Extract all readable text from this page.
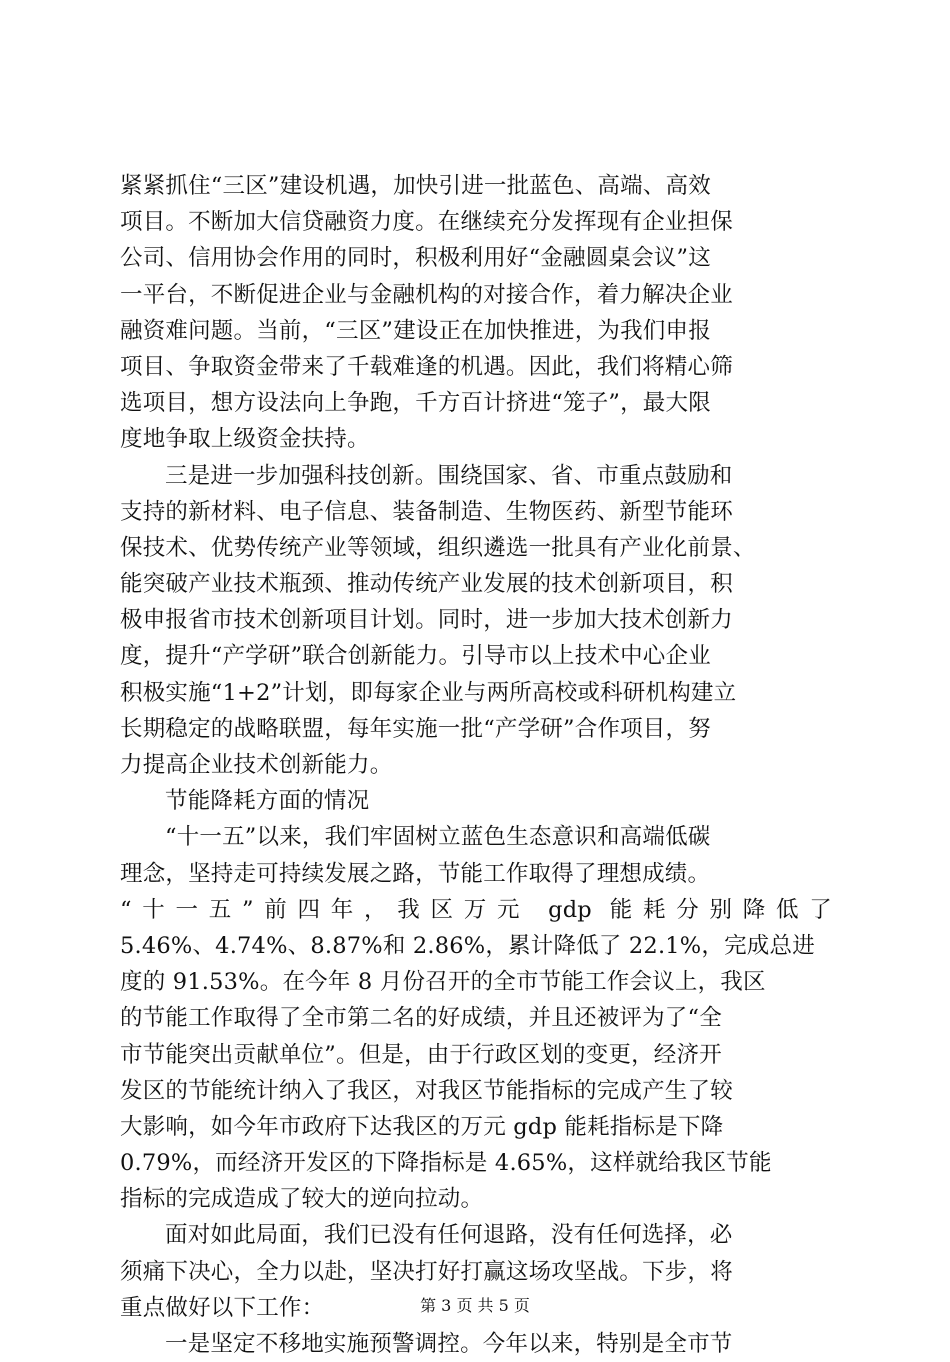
紧紧抓住“三区”建设机遇，加快引进一批蓝色、高端、高效
项目。不断加大信贷融资力度。在继续充分发挥现有企业担保
公司、信用协会作用的同时，积极利用好“金融圆桌会议”这
一平台，不断促进企业与金融机构的对接合作，着力解决企业
融资难问题。当前，“三区”建设正在加快推进，为我们申报
项目、争取资金带来了千载难逢的机遇。因此，我们将精心筛
选项目，想方设法向上争跑，千方百计挤进“笼子”，最大限
度地争取上级资金扶持。
三是进一步加强科技创新。围绕国家、省、市重点鼓励和
支持的新材料、电子信息、装备制造、生物医药、新型节能环
保技术、优势传统产业等领域，组织遴选一批具有产业化前景、
能突破产业技术瓶颈、推动传统产业发展的技术创新项目，积
极申报省市技术创新项目计划。同时，进一步加大技术创新力
度，提升“产学研”联合创新能力。引导市以上技术中心企业
积极实施“1+2”计划，即每家企业与两所高校或科研机构建立
长期稳定的战略联盟，每年实施一批“产学研”合作项目，努
力提高企业技术创新能力。
节能降耗方面的情况
“十一五”以来，我们牢固树立蓝色生态意识和高端低碳
理念，坚持走可持续发展之路，节能工作取得了理想成绩。
“十一五”前四年，我区万元 gdp 能耗分别降低了
5.46%、4.74%、8.87%和 2.86%，累计降低了 22.1%，完成总进
度的 91.53%。在今年 8 月份召开的全市节能工作会议上，我区
的节能工作取得了全市第二名的好成绩，并且还被评为了“全
市节能突出贡献单位”。但是，由于行政区划的变更，经济开
发区的节能统计纳入了我区，对我区节能指标的完成产生了较
大影响，如今年市政府下达我区的万元 gdp 能耗指标是下降
0.79%，而经济开发区的下降指标是 4.65%，这样就给我区节能
指标的完成造成了较大的逆向拉动。
面对如此局面，我们已没有任何退路，没有任何选择，必
须痛下决心，全力以赴，坚决打好打赢这场攻坚战。下步，将
重点做好以下工作：
一是坚定不移地实施预警调控。今年以来，特别是全市节
第 3 页 共 5 页
